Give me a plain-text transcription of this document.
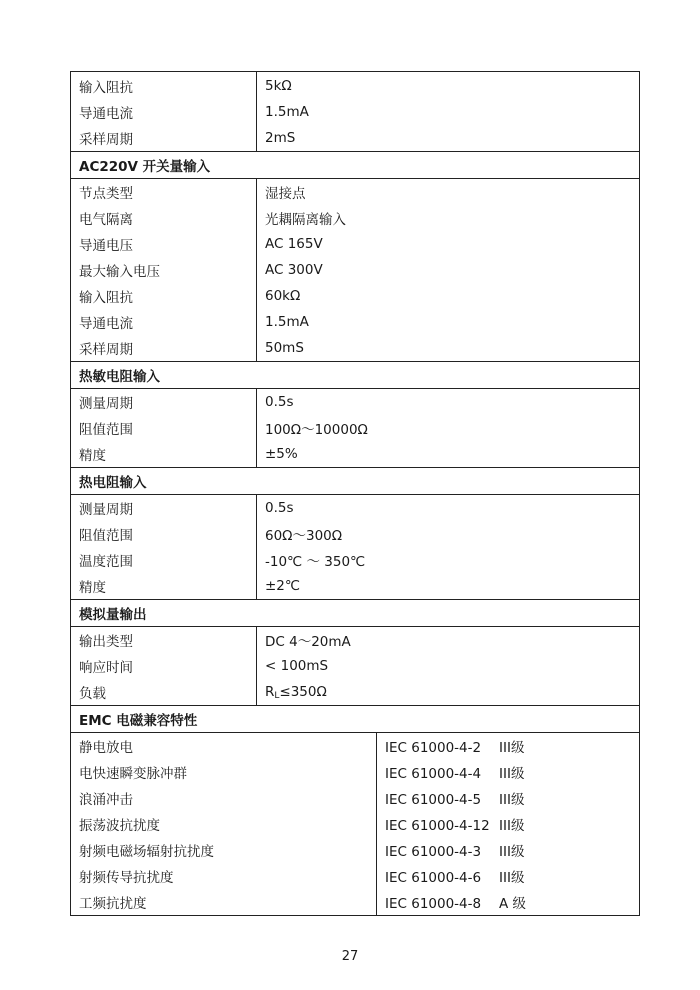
输入阻抗	5kΩ	
导通电流	1.5mA	
采样周期	2mS	
AC220V 开关量输入		
节点类型	湿接点	
电气隔离	光耦隔离输入	
导通电压	AC 165V	
最大输入电压	AC 300V	
输入阻抗	60kΩ	
导通电流	1.5mA	
采样周期	50mS	
热敏电阻输入		
测量周期	0.5s	
阻值范围	100Ω～10000Ω	
精度	±5%	
热电阻输入		
测量周期	0.5s	
阻值范围	60Ω～300Ω	
温度范围	-10℃ ～ 350℃	
精度	±2℃	
模拟量输出		
输出类型	DC 4～20mA	
响应时间	< 100mS	
负载	$R_L\le 350\Omega$	
EMC 电磁兼容特性		
静电放电		IEC 61000-4-2 III级
电快速瞬变脉冲群		IEC 61000-4-4 III级
浪涌冲击		IEC 61000-4-5 III级
振荡波抗扰度		IEC 61000-4-12 III级
射频电磁场辐射抗扰度		IEC 61000-4-3 III级
射频传导抗扰度		IEC 61000-4-6 III级
工频抗扰度		IEC 61000-4-8 A 级
27
